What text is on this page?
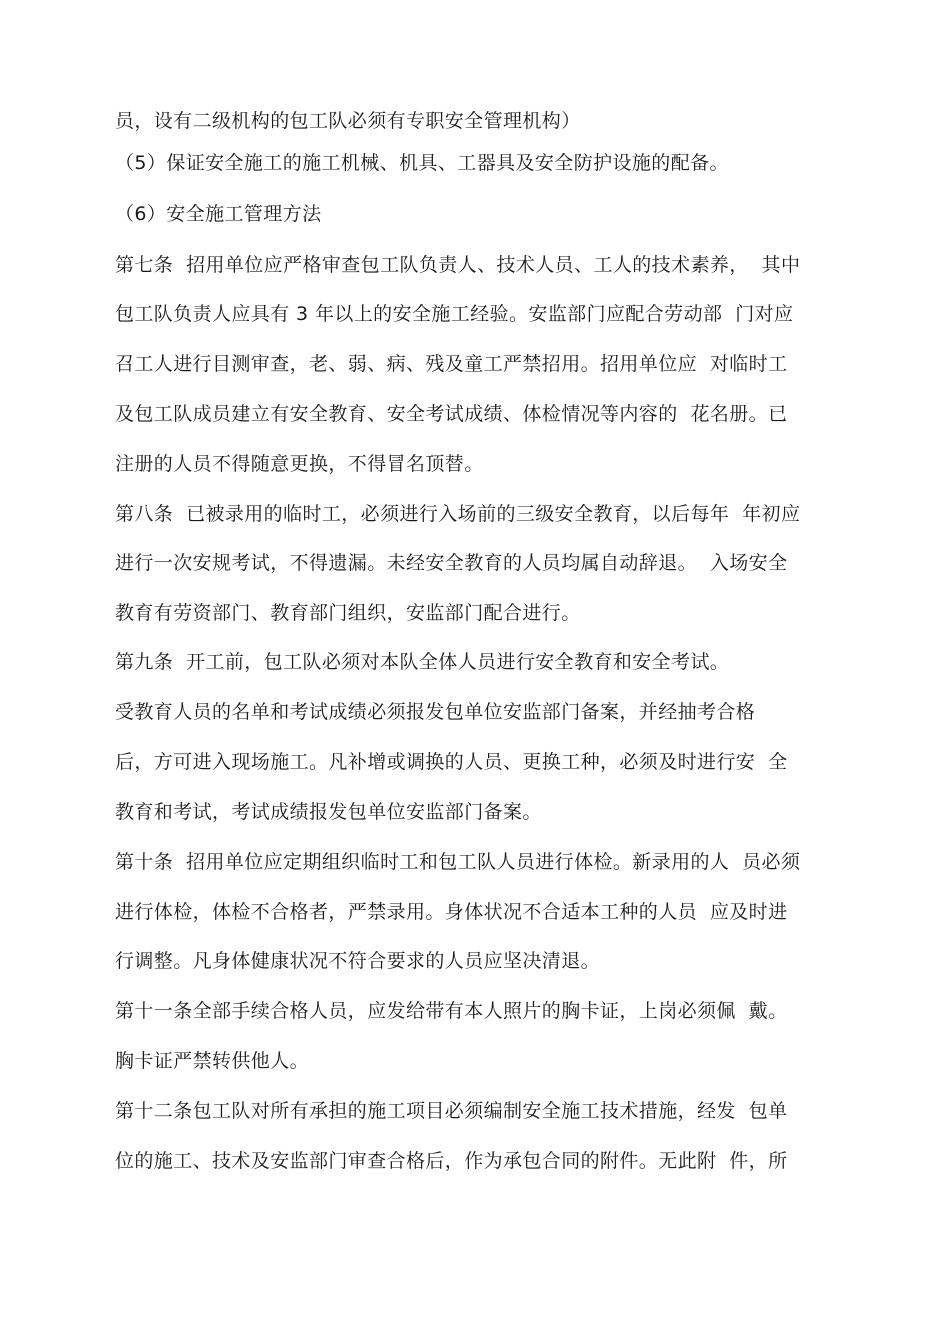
员，设有二级机构的包工队必须有专职安全管理机构）
（5）保证安全施工的施工机械、机具、工器具及安全防护设施的配备。
（6）安全施工管理方法
第七条  招用单位应严格审查包工队负责人、技术人员、工人的技术素养，  其中
包工队负责人应具有 3 年以上的安全施工经验。安监部门应配合劳动部  门对应
召工人进行目测审查，老、弱、病、残及童工严禁招用。招用单位应  对临时工
及包工队成员建立有安全教育、安全考试成绩、体检情况等内容的  花名册。已
注册的人员不得随意更换，不得冒名顶替。
第八条  已被录用的临时工，必须进行入场前的三级安全教育，以后每年  年初应
进行一次安规考试，不得遗漏。未经安全教育的人员均属自动辞退。  入场安全
教育有劳资部门、教育部门组织，安监部门配合进行。
第九条  开工前，包工队必须对本队全体人员进行安全教育和安全考试。
受教育人员的名单和考试成绩必须报发包单位安监部门备案，并经抽考合格
后，方可进入现场施工。凡补增或调换的人员、更换工种，必须及时进行安  全
教育和考试，考试成绩报发包单位安监部门备案。
第十条  招用单位应定期组织临时工和包工队人员进行体检。新录用的人  员必须
进行体检，体检不合格者，严禁录用。身体状况不合适本工种的人员  应及时进
行调整。凡身体健康状况不符合要求的人员应坚决清退。
第十一条全部手续合格人员，应发给带有本人照片的胸卡证，上岗必须佩  戴。
胸卡证严禁转供他人。
第十二条包工队对所有承担的施工项目必须编制安全施工技术措施，经发  包单
位的施工、技术及安监部门审查合格后，作为承包合同的附件。无此附  件，所
